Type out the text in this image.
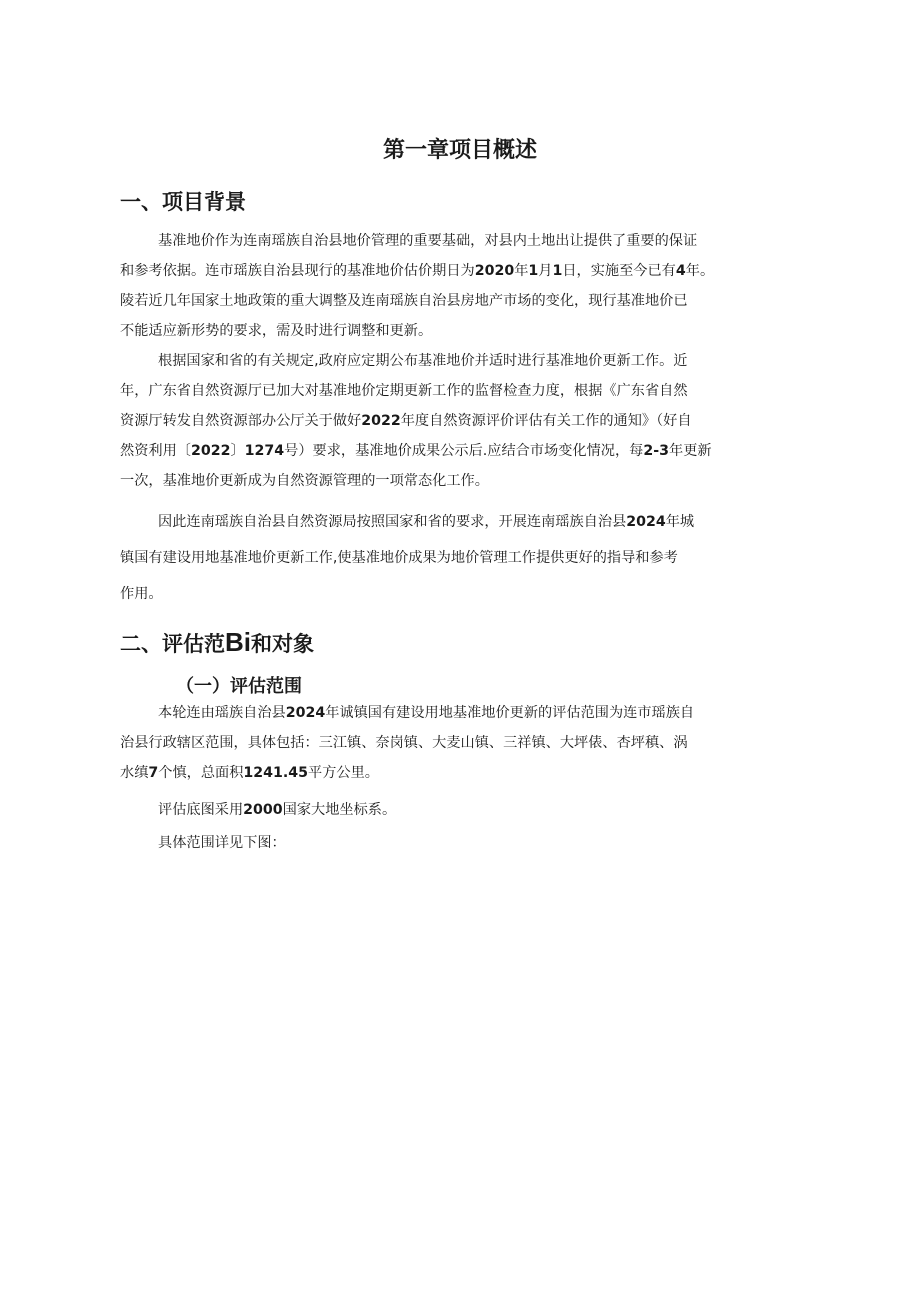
第一章项目概述
一、项目背景
基准地价作为连南瑶族自治县地价管理的重要基础，对县内土地出让提供了重要的保证
和参考依据。连市瑶族自治县现行的基准地价估价期日为2020年1月1日，实施至今已有4年。
陵若近几年国家土地政策的重大调整及连南瑶族自治县房地产市场的变化，现行基准地价已
不能适应新形势的要求，需及时进行调整和更新。
根据国家和省的有关规定,政府应定期公布基准地价并适时进行基准地价更新工作。近
年，广东省自然资源厅已加大对基准地价定期更新工作的监督检查力度，根据《广东省自然
资源厅转发自然资源部办公厅关于做好2022年度自然资源评价评估有关工作的通知》（好自
然资利用〔2022〕1274号）要求，基准地价成果公示后.应结合市场变化情况，每2-3年更新
一次，基准地价更新成为自然资源管理的一项常态化工作。
因此连南瑶族自治县自然资源局按照国家和省的要求，开展连南瑶族自治县2024年城
镇国有建设用地基准地价更新工作,使基准地价成果为地价管理工作提供更好的指导和参考
作用。
二、评估范Bi和对象
（一）评估范围
本轮连由瑶族自治县2024年诚镇国有建设用地基准地价更新的评估范围为连市瑶族自
治县行政辖区范围，具体包括：三江镇、奈岗镇、大麦山镇、三祥镇、大坪俵、杏坪稹、涡
水缜7个慎，总面积1241.45平方公里。
评估底图采用2000国家大地坐标系。
具体范围详见下图：
